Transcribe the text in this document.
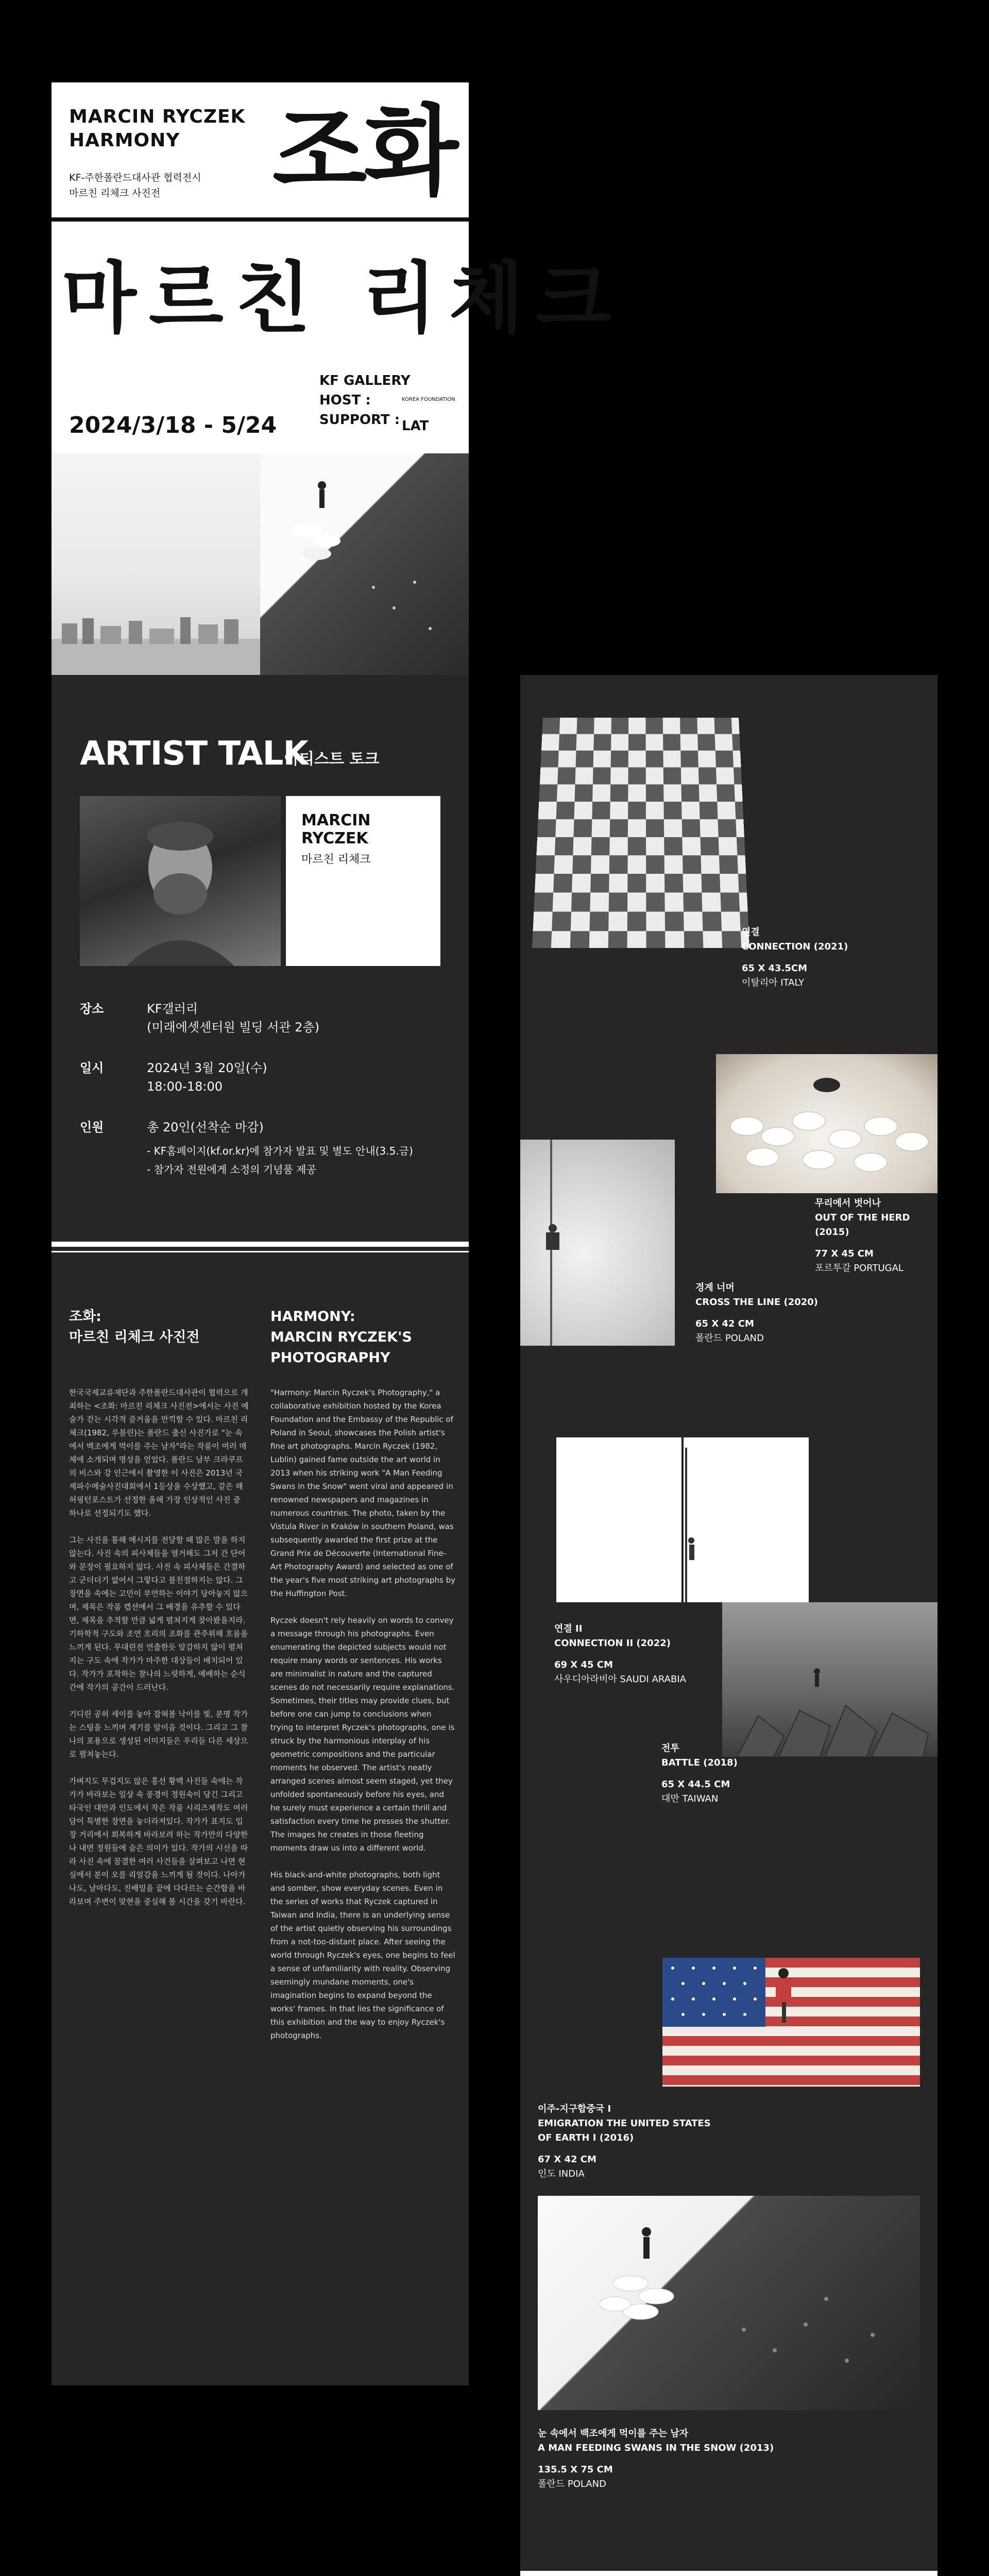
MARCIN RYCZEK
HARMONY
KF-주한폴란드대사관 협력전시
마르친 리체크 사진전	조화
마르친 리체크
2024/3/18 - 5/24
KF GALLERY
HOST :
SUPPORT :
KOREA FOUNDATION
LAT
ARTIST TALK
아티스트 토크
MARCIN RYCZEK
마르친 리체크
장소	KF갤러리
(미래에셋센터원 빌딩 서관 2층)
일시	2024년 3월 20일(수)
18:00-18:00
인원	총 20인(선착순 마감)
- KF홈페이지(kf.or.kr)에 참가자 발표 및 별도 안내(3.5.금)
- 참가자 전원에게 소정의 기념품 제공
조화:
마르친 리체크 사진전
HARMONY:
MARCIN RYCZEK'S
PHOTOGRAPHY

한국국제교류재단과 주한폴란드대사관이 협력으로 개최하는 <조화: 마르친 리체크 사진전>에서는 사진 예술가 걷는 시각적 즐거움을 만끽할 수 있다. 마르친 리체크(1982, 루블린)는 폴란드 출신 사진가로 "눈 속에서 백조에게 먹이를 주는 남자"라는 작품이 여러 매체에 소개되며 명성을 얻었다. 폴란드 남부 크라쿠프의 비스와 강 인근에서 촬영한 이 사진은 2013년 국제파수메술사진대회에서 1등상을 수상했고, 같은 해 허핑턴포스트가 선정한 올해 가장 인상적인 사진 중 하나로 선정되기도 했다.

그는 사진을 통해 메시지를 전달할 때 많은 말을 하지 않는다. 사진 속의 피사체들을 열거해도 그저 간 단어와 문장이 필요하지 않다. 사진 속 피사체들은 간결하고 군더더기 없어서 그렇다고 불친절하지는 않다. 그 장면을 속에는 고민이 부연하는 이야기 당아놓지 않으며, 제목은 작품 캡션에서 그 배경을 유추할 수 있다면, 제목을 추적할 만큼 넓게 펼쳐지게 찾아봤을지라. 기하학적 구도와 조연 흐리의 조화를 관주위해 흐름을 느끼게 된다. 무대린전 연출한듯 앞감하지 않이 펼쳐지는 구도 속에 작가가 마주한 대상들이 배치되어 있다. 작가가 포착하는 찰나의 느릿하게, 예배하는 순식간에 작가의 공간이 드러난다.

기디린 공허 세이를 놓아 잡혀볼 낙이를 빛, 분명 작가는 스팅을 느끼며 계기를 알이음 것이다. 그리고 그 찰나의 포용으로 생성된 이미지들은 우리들 다른 세상으로 펼쳐놓는다.

가벼지도 무겁지도 않은 흥선 황백 사진들 속에는 작가가 바라보는 일상 속 풍경이 정원속이 당긴 그리고 타국인 대만과 인도에서 작은 작품 시리즈제작도 여러 담이 특별한 장면을 놓더라져있다. 작가가 표지도 입장 거리에서 회복하게 바라보려 하는 작가만의 다양한나 내면 정원들에 숨은 의미가 있다. 작가의 시선을 따라 사진 속에 꿈결한 여러 사건들을 살펴보고 나면 현실에서 분이 오를 리얼감을 느끼게 될 것이다. 나아가 나도, 날마다도, 진배밀을 끝에 다다르는 순간합을 바라보며 주변이 맞현을 중실해 볼 시간을 갖기 바란다.

"Harmony: Marcin Ryczek's Photography," a collaborative exhibition hosted by the Korea Foundation and the Embassy of the Republic of Poland in Seoul, showcases the Polish artist's fine art photographs. Marcin Ryczek (1982, Lublin) gained fame outside the art world in 2013 when his striking work "A Man Feeding Swans in the Snow" went viral and appeared in renowned newspapers and magazines in numerous countries. The photo, taken by the Vistula River in Kraków in southern Poland, was subsequently awarded the first prize at the Grand Prix de Découverte (International Fine-Art Photography Award) and selected as one of the year's five most striking art photographs by the Huffington Post.

Ryczek doesn't rely heavily on words to convey a message through his photographs. Even enumerating the depicted subjects would not require many words or sentences. His works are minimalist in nature and the captured scenes do not necessarily require explanations. Sometimes, their titles may provide clues, but before one can jump to conclusions when trying to interpret Ryczek's photographs, one is struck by the harmonious interplay of his geometric compositions and the particular moments he observed. The artist's neatly arranged scenes almost seem staged, yet they unfolded spontaneously before his eyes, and he surely must experience a certain thrill and satisfaction every time he presses the shutter. The images he creates in those fleeting moments draw us into a different world.

His black-and-white photographs, both light and somber, show everyday scenes. Even in the series of works that Ryczek captured in Taiwan and India, there is an underlying sense of the artist quietly observing his surroundings from a not-too-distant place. After seeing the world through Ryczek's eyes, one begins to feel a sense of unfamiliarity with reality. Observing seemingly mundane moments, one's imagination begins to expand beyond the works' frames. In that lies the significance of this exhibition and the way to enjoy Ryczek's photographs.

연결
CONNECTION (2021)
65 X 43.5CM
이탈리아 ITALY
무리에서 벗어나
OUT OF THE HERD (2015)
77 X 45 CM
포르투갈 PORTUGAL
경계 너머
CROSS THE LINE (2020)
65 X 42 CM
폴란드 POLAND
연결 II
CONNECTION II (2022)
69 X 45 CM
사우디아라비아 SAUDI ARABIA
전투
BATTLE (2018)
65 X 44.5 CM
대만 TAIWAN
이주-지구합중국 I
EMIGRATION THE UNITED STATES OF EARTH I (2016)
67 X 42 CM
인도 INDIA
눈 속에서 백조에게 먹이를 주는 남자
A MAN FEEDING SWANS IN THE SNOW (2013)
135.5 X 75 CM
폴란드 POLAND
